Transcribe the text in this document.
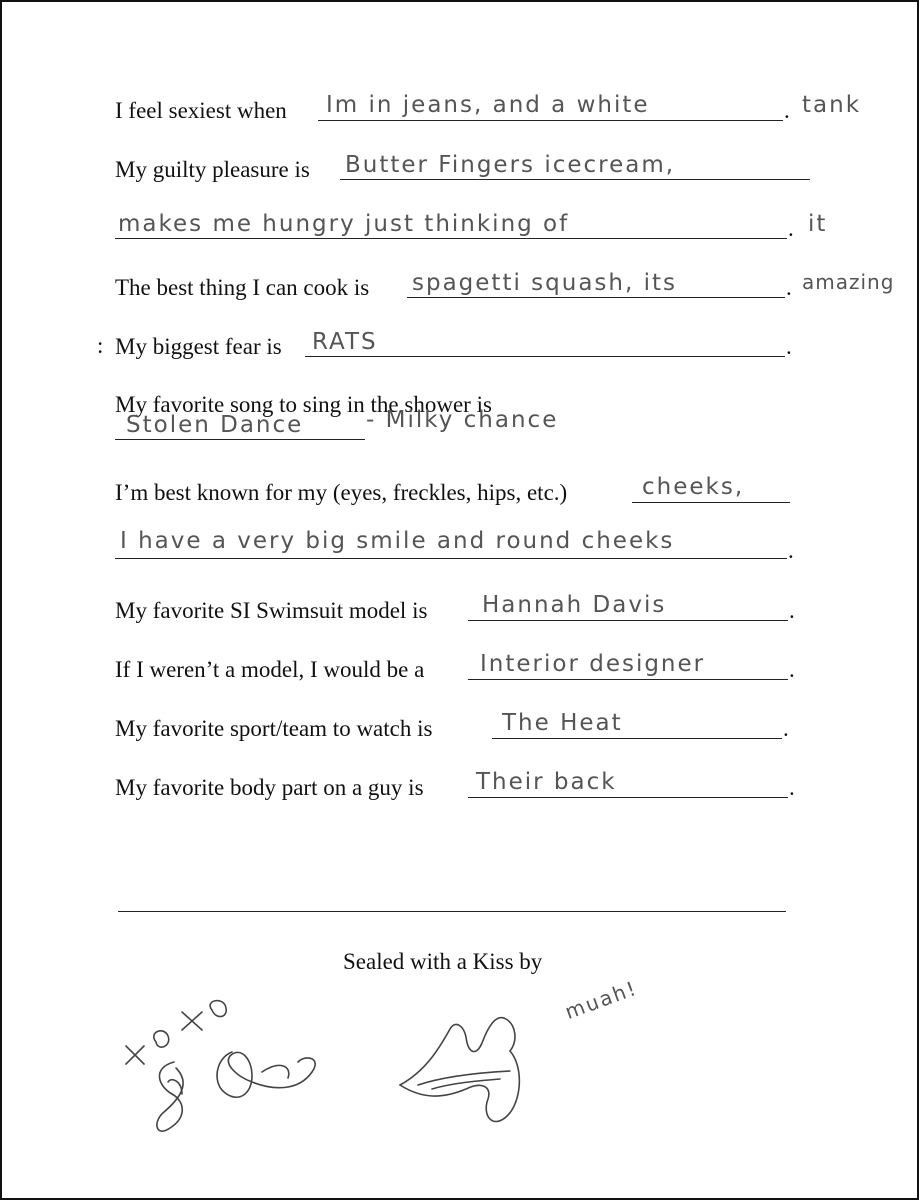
I feel sexiest when Im in jeans, and a white	. tank
My guilty pleasure is Butter Fingers icecream,
makes me hungry just thinking of	. it
The best thing I can cook is spagetti squash, its	. amazing
: My biggest fear is RATS	.
My favorite song to sing in the shower is
Stolen Dance	- Milky chance
I’m best known for my (eyes, freckles, hips, etc.)	cheeks,
I have a very big smile and round cheeks	.
My favorite SI Swimsuit model is Hannah Davis	.
If I weren’t a model, I would be a Interior designer	.
My favorite sport/team to watch is	The Heat	.
My favorite body part on a guy is Their back	.
Sealed with a Kiss by
muah!
